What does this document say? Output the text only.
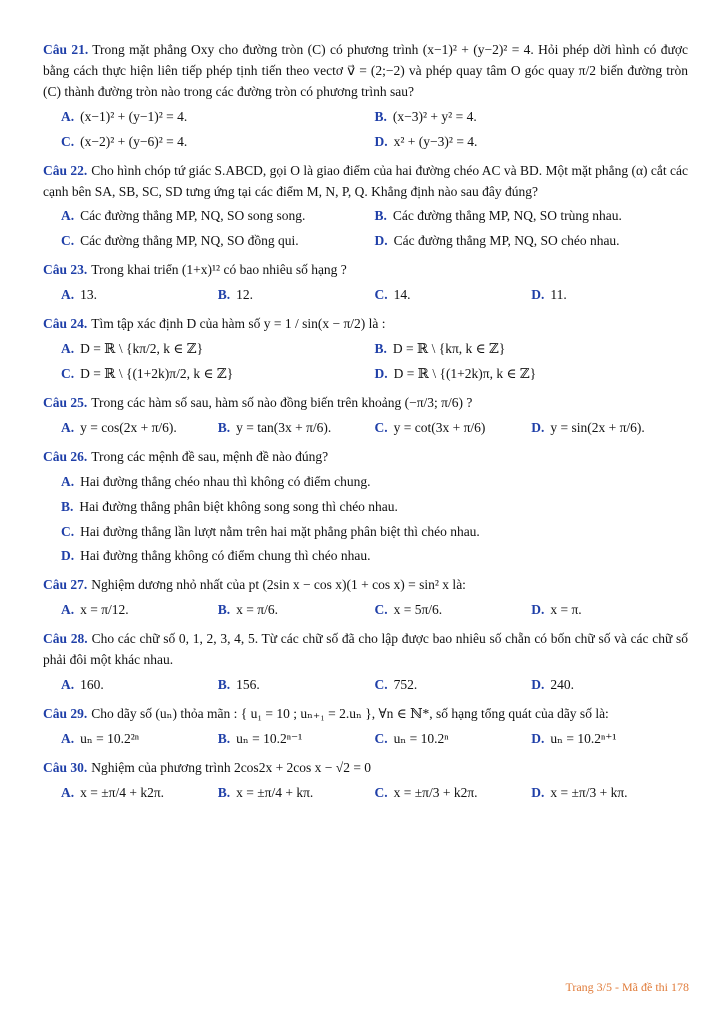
Câu 21. Trong mặt phẳng Oxy cho đường tròn (C) có phương trình (x−1)² + (y−2)² = 4. Hỏi phép dời hình có được bằng cách thực hiện liên tiếp phép tịnh tiến theo vectơ v⃗ = (2;−2) và phép quay tâm O góc quay π/2 biến đường tròn (C) thành đường tròn nào trong các đường tròn có phương trình sau?
A. (x−1)² + (y−1)² = 4.	B. (x−3)² + y² = 4.
C. (x−2)² + (y−6)² = 4.	D. x² + (y−3)² = 4.
Câu 22. Cho hình chóp tứ giác S.ABCD, gọi O là giao điểm của hai đường chéo AC và BD. Một mặt phẳng (α) cắt các cạnh bên SA, SB, SC, SD tưng ứng tại các điểm M, N, P, Q. Khẳng định nào sau đây đúng?
A. Các đường thẳng MP, NQ, SO song song.	B. Các đường thẳng MP, NQ, SO trùng nhau.
C. Các đường thẳng MP, NQ, SO đồng qui.	D. Các đường thẳng MP, NQ, SO chéo nhau.
Câu 23. Trong khai triển (1+x)¹² có bao nhiêu số hạng ?
A. 13.	B. 12.	C. 14.	D. 11.
Câu 24. Tìm tập xác định D của hàm số y = 1 / sin(x − π/2) là :
A. D = ℝ \ {kπ/2, k ∈ ℤ}	B. D = ℝ \ {kπ, k ∈ ℤ}
C. D = ℝ \ {(1+2k)π/2, k ∈ ℤ}	D. D = ℝ \ {(1+2k)π, k ∈ ℤ}
Câu 25. Trong các hàm số sau, hàm số nào đồng biến trên khoảng (−π/3; π/6) ?
A. y = cos(2x + π/6).	B. y = tan(3x + π/6).	C. y = cot(3x + π/6)	D. y = sin(2x + π/6).
Câu 26. Trong các mệnh đề sau, mệnh đề nào đúng?
A. Hai đường thẳng chéo nhau thì không có điểm chung.
B. Hai đường thẳng phân biệt không song song thì chéo nhau.
C. Hai đường thẳng lần lượt nằm trên hai mặt phẳng phân biệt thì chéo nhau.
D. Hai đường thẳng không có điểm chung thì chéo nhau.
Câu 27. Nghiệm dương nhỏ nhất của pt (2sin x − cos x)(1 + cos x) = sin² x là:
A. x = π/12.	B. x = π/6.	C. x = 5π/6.	D. x = π.
Câu 28. Cho các chữ số 0, 1, 2, 3, 4, 5. Từ các chữ số đã cho lập được bao nhiêu số chẵn có bốn chữ số và các chữ số phải đôi một khác nhau.
A. 160.	B. 156.	C. 752.	D. 240.
Câu 29. Cho dãy số (uₙ) thỏa mãn : { u₁ = 10 ; uₙ₊₁ = 2.uₙ }, ∀n ∈ ℕ*, số hạng tổng quát của dãy số là:
A. uₙ = 10.2²ⁿ	B. uₙ = 10.2ⁿ⁻¹	C. uₙ = 10.2ⁿ	D. uₙ = 10.2ⁿ⁺¹
Câu 30. Nghiệm của phương trình 2cos2x + 2cos x − √2 = 0
A. x = ±π/4 + k2π.	B. x = ±π/4 + kπ.	C. x = ±π/3 + k2π.	D. x = ±π/3 + kπ.
Trang 3/5 - Mã đề thi 178
